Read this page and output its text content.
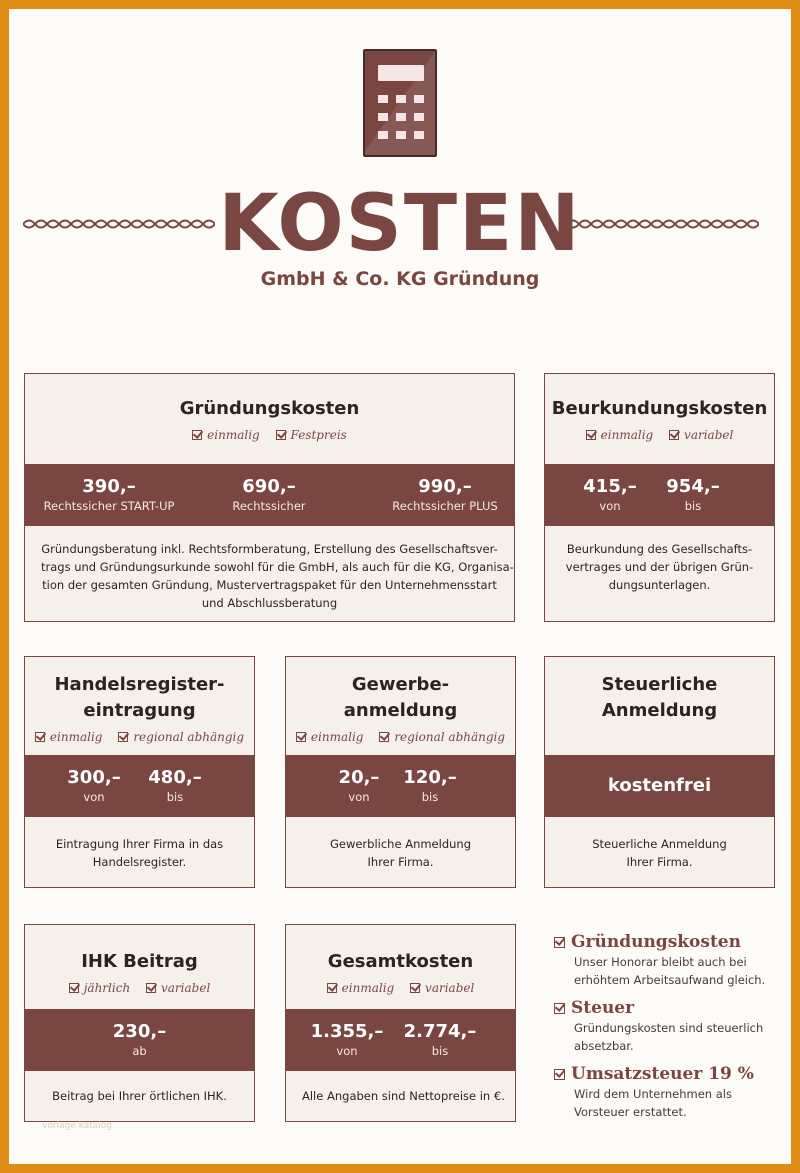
KOSTEN
GmbH & Co. KG Gründung
Gründungskosten
einmalig	Festpreis
390,–
Rechtssicher START-UP
690,–
Rechtssicher
990,–
Rechtssicher PLUS
Gründungsberatung inkl. Rechtsformberatung, Erstellung des Gesellschaftsver-
trags und Gründungsurkunde sowohl für die GmbH, als auch für die KG, Organisa-
tion der gesamten Gründung, Mustervertragspaket für den Unternehmensstart
und Abschlussberatung
Beurkundungskosten
einmalig	variabel
415,–
von
954,–
bis
Beurkundung des Gesellschafts-
vertrages und der übrigen Grün-
dungsunterlagen.
Handelsregister-
eintragung
einmalig	regional abhängig
300,–
von
480,–
bis
Eintragung Ihrer Firma in das
Handelsregister.
Gewerbe-
anmeldung
einmalig	regional abhängig
20,–
von
120,–
bis
Gewerbliche Anmeldung
Ihrer Firma.
Steuerliche
Anmeldung
kostenfrei
Steuerliche Anmeldung
Ihrer Firma.
IHK Beitrag
jährlich	variabel
230,–
ab
Beitrag bei Ihrer örtlichen IHK.
Gesamtkosten
einmalig	variabel
1.355,–
von
2.774,–
bis
Alle Angaben sind Nettopreise in €.
Gründungskosten
Unser Honorar bleibt auch bei
erhöhtem Arbeitsaufwand gleich.
Steuer
Gründungskosten sind steuerlich
absetzbar.
Umsatzsteuer 19 %
Wird dem Unternehmen als
Vorsteuer erstattet.
vorlage katalog
